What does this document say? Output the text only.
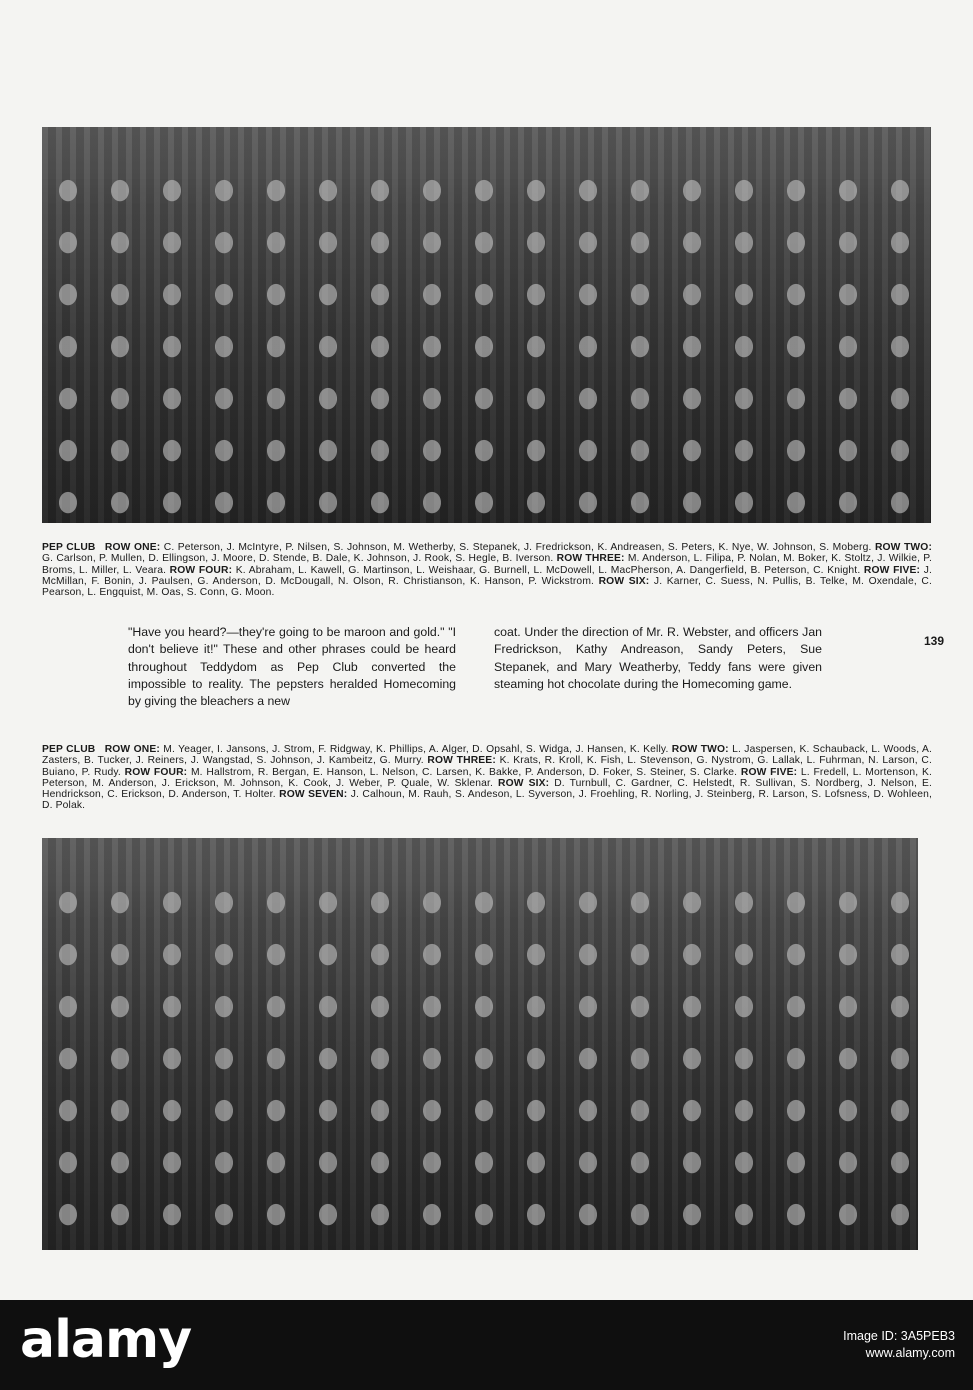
PEP CLUB ROW ONE: C. Peterson, J. McIntyre, P. Nilsen, S. Johnson, M. Wetherby, S. Stepanek, J. Fredrickson, K. Andreasen, S. Peters, K. Nye, W. Johnson, S. Moberg. ROW TWO: G. Carlson, P. Mullen, D. Ellingson, J. Moore, D. Stende, B. Dale, K. Johnson, J. Rook, S. Hegle, B. Iverson. ROW THREE: M. Anderson, L. Filipa, P. Nolan, M. Boker, K. Stoltz, J. Wilkie, P. Broms, L. Miller, L. Veara. ROW FOUR: K. Abraham, L. Kawell, G. Martinson, L. Weishaar, G. Burnell, L. McDowell, L. MacPherson, A. Dangerfield, B. Peterson, C. Knight. ROW FIVE: J. McMillan, F. Bonin, J. Paulsen, G. Anderson, D. McDougall, N. Olson, R. Christianson, K. Hanson, P. Wickstrom. ROW SIX: J. Karner, C. Suess, N. Pullis, B. Telke, M. Oxendale, C. Pearson, L. Engquist, M. Oas, S. Conn, G. Moon.
"Have you heard?—they're going to be maroon and gold." "I don't believe it!" These and other phrases could be heard throughout Teddydom as Pep Club converted the impossible to reality. The pepsters heralded Homecoming by giving the bleachers a new
coat. Under the direction of Mr. R. Webster, and officers Jan Fredrickson, Kathy Andreason, Sandy Peters, Sue Stepanek, and Mary Weatherby, Teddy fans were given steaming hot chocolate during the Homecoming game.
139
PEP CLUB ROW ONE: M. Yeager, I. Jansons, J. Strom, F. Ridgway, K. Phillips, A. Alger, D. Opsahl, S. Widga, J. Hansen, K. Kelly. ROW TWO: L. Jaspersen, K. Schauback, L. Woods, A. Zasters, B. Tucker, J. Reiners, J. Wangstad, S. Johnson, J. Kambeitz, G. Murry. ROW THREE: K. Krats, R. Kroll, K. Fish, L. Stevenson, G. Nystrom, G. Lallak, L. Fuhrman, N. Larson, C. Buiano, P. Rudy. ROW FOUR: M. Hallstrom, R. Bergan, E. Hanson, L. Nelson, C. Larsen, K. Bakke, P. Anderson, D. Foker, S. Steiner, S. Clarke. ROW FIVE: L. Fredell, L. Mortenson, K. Peterson, M. Anderson, J. Erickson, M. Johnson, K. Cook, J. Weber, P. Quale, W. Sklenar. ROW SIX: D. Turnbull, C. Gardner, C. Helstedt, R. Sullivan, S. Nordberg, J. Nelson, E. Hendrickson, C. Erickson, D. Anderson, T. Holter. ROW SEVEN: J. Calhoun, M. Rauh, S. Andeson, L. Syverson, J. Froehling, R. Norling, J. Steinberg, R. Larson, S. Lofsness, D. Wohleen, D. Polak.
alamy	Image ID: 3A5PEB3
www.alamy.com
